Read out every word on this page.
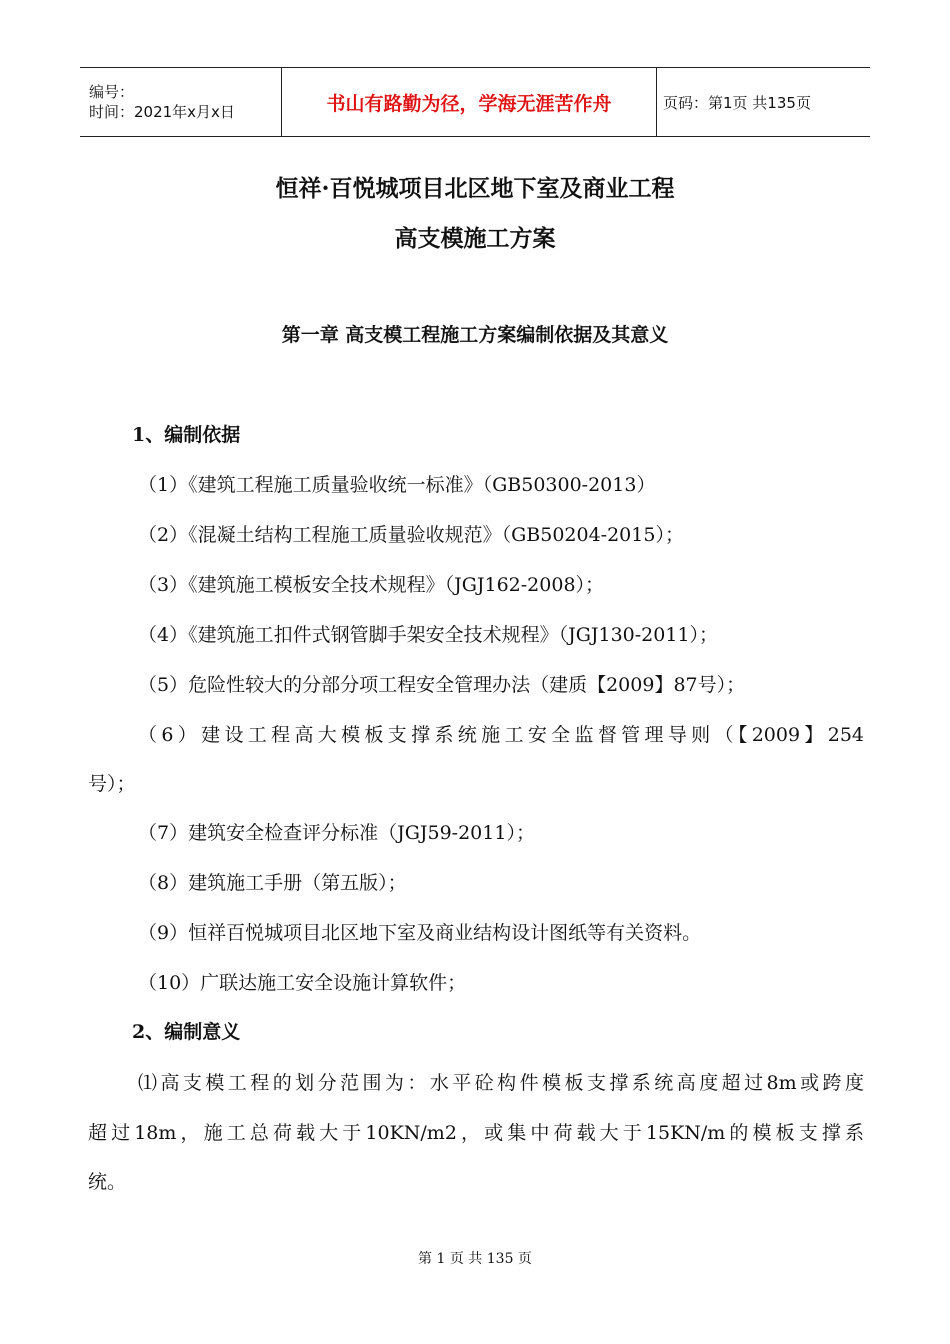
编号：
时间：2021年x月x日	书山有路勤为径，学海无涯苦作舟	页码：第1页 共135页
恒祥·百悦城项目北区地下室及商业工程
高支模施工方案
第一章 高支模工程施工方案编制依据及其意义
1、编制依据
（1）《建筑工程施工质量验收统一标准》（GB50300-2013）
（2）《混凝土结构工程施工质量验收规范》（GB50204-2015）；
（3）《建筑施工模板安全技术规程》（JGJ162-2008）；
（4）《建筑施工扣件式钢管脚手架安全技术规程》（JGJ130-2011）；
（5）危险性较大的分部分项工程安全管理办法（建质【2009】87号）；
（6）建设工程高大模板支撑系统施工安全监督管理导则（【2009】254
号）；
（7）建筑安全检查评分标准（JGJ59-2011）；
（8）建筑施工手册（第五版）；
（9）恒祥百悦城项目北区地下室及商业结构设计图纸等有关资料。
（10）广联达施工安全设施计算软件；
2、编制意义
⑴高支模工程的划分范围为：水平砼构件模板支撑系统高度超过8m或跨度
超过18m，施工总荷载大于10KN/m2，或集中荷载大于15KN/m的模板支撑系
统。
第 1 页 共 135 页
